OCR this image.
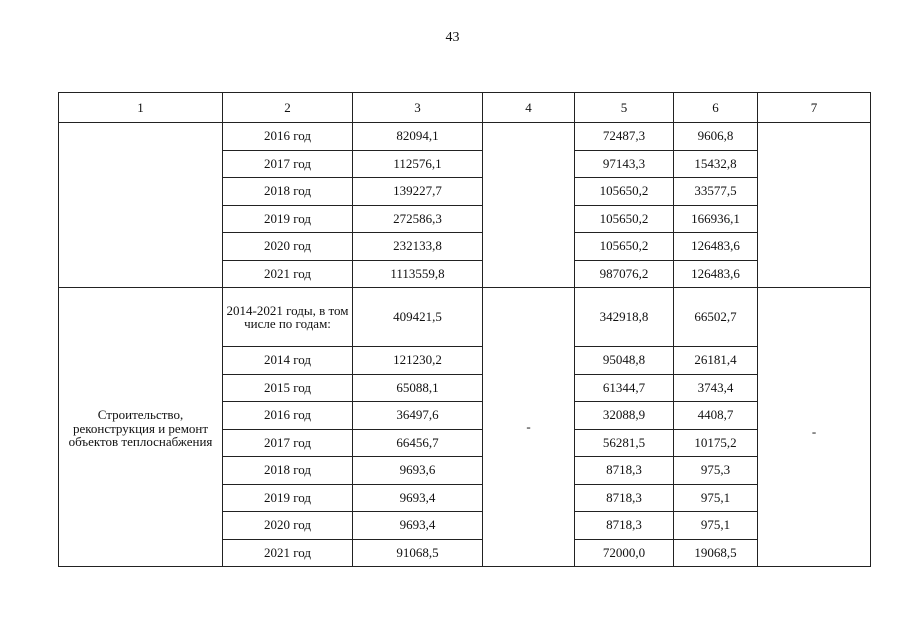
43
1	2	3	4	5	6	7
	2016 год	82094,1		72487,3	9606,8	
	2017 год	112576,1		97143,3	15432,8	
	2018 год	139227,7		105650,2	33577,5	
	2019 год	272586,3		105650,2	166936,1	
	2020 год	232133,8		105650,2	126483,6	
	2021 год	1113559,8		987076,2	126483,6	

Строительство, реконструкция и ремонт объектов теплоснабжения	2014-2021 годы, в том числе по годам:	409421,5	-	342918,8	66502,7	-

	2014 год	121230,2		95048,8	26181,4	
	2015 год	65088,1		61344,7	3743,4	
	2016 год	36497,6		32088,9	4408,7	
	2017 год	66456,7		56281,5	10175,2	
	2018 год	9693,6		8718,3	975,3	
	2019 год	9693,4		8718,3	975,1	
	2020 год	9693,4		8718,3	975,1	
	2021 год	91068,5		72000,0	19068,5	
